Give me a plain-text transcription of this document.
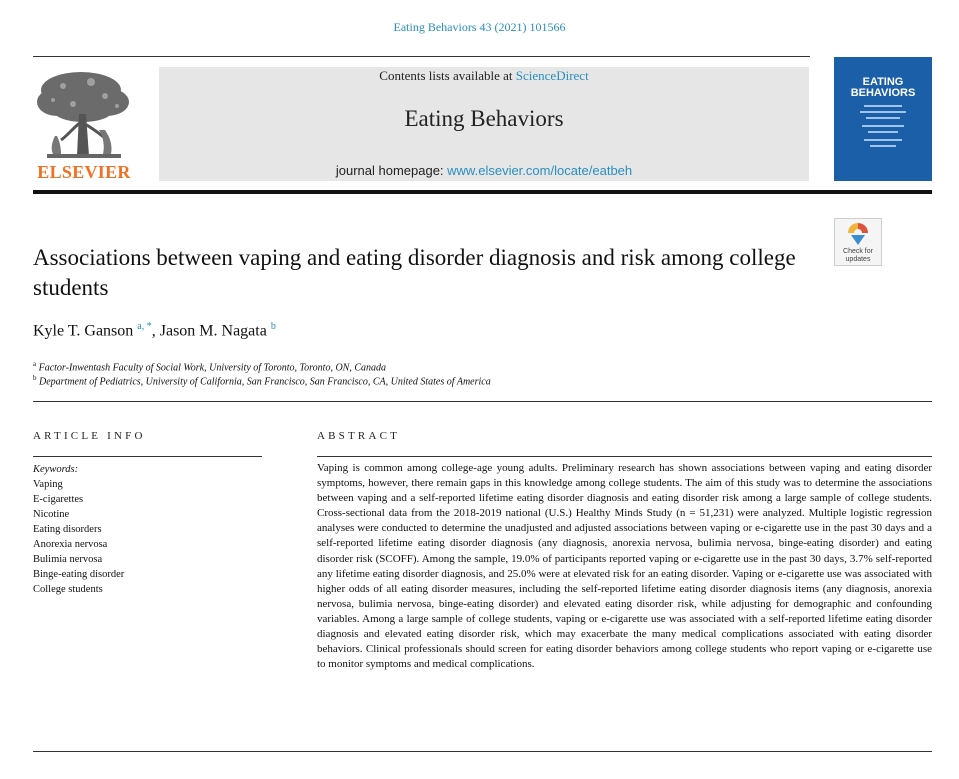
Eating Behaviors 43 (2021) 101566
ELSEVIER
Contents lists available at ScienceDirect
Eating Behaviors
journal homepage: www.elsevier.com/locate/eatbeh
EATING BEHAVIORS
Check for updates
Associations between vaping and eating disorder diagnosis and risk among college students
Kyle T. Ganson $^{a, *}$, Jason M. Nagata $^b$
$^a$ Factor-Inwentash Faculty of Social Work, University of Toronto, Toronto, ON, Canada
$^b$ Department of Pediatrics, University of California, San Francisco, San Francisco, CA, United States of America
ARTICLE INFO
Keywords:
Vaping
E-cigarettes
Nicotine
Eating disorders
Anorexia nervosa
Bulimia nervosa
Binge-eating disorder
College students
ABSTRACT
Vaping is common among college-age young adults. Preliminary research has shown associations between vaping and eating disorder symptoms, however, there remain gaps in this knowledge among college students. The aim of this study was to determine the associations between vaping and a self-reported lifetime eating disorder diagnosis and eating disorder risk among a large sample of college students. Cross-sectional data from the 2018-2019 national (U.S.) Healthy Minds Study (n = 51,231) were analyzed. Multiple logistic regression analyses were conducted to determine the unadjusted and adjusted associations between vaping or e-cigarette use in the past 30 days and a self-reported lifetime eating disorder diagnosis (any diagnosis, anorexia nervosa, bulimia nervosa, binge-eating disorder) and eating disorder risk (SCOFF). Among the sample, 19.0% of participants reported vaping or e-cigarette use in the past 30 days, 3.7% self-reported any lifetime eating disorder diagnosis, and 25.0% were at elevated risk for an eating disorder. Vaping or e-cigarette use was associated with higher odds of all eating disorder measures, including the self-reported lifetime eating disorder diagnosis items (any diagnosis, anorexia nervosa, bulimia nervosa, binge-eating disorder) and elevated eating disorder risk, while adjusting for demographic and confounding variables. Among a large sample of college students, vaping or e-cigarette use was associated with a self-reported lifetime eating disorder diagnosis and elevated eating disorder risk, which may exacerbate the many medical complications associated with eating disorder behaviors. Clinical professionals should screen for eating disorder behaviors among college students who report vaping or e-cigarette use to monitor symptoms and medical complications.
